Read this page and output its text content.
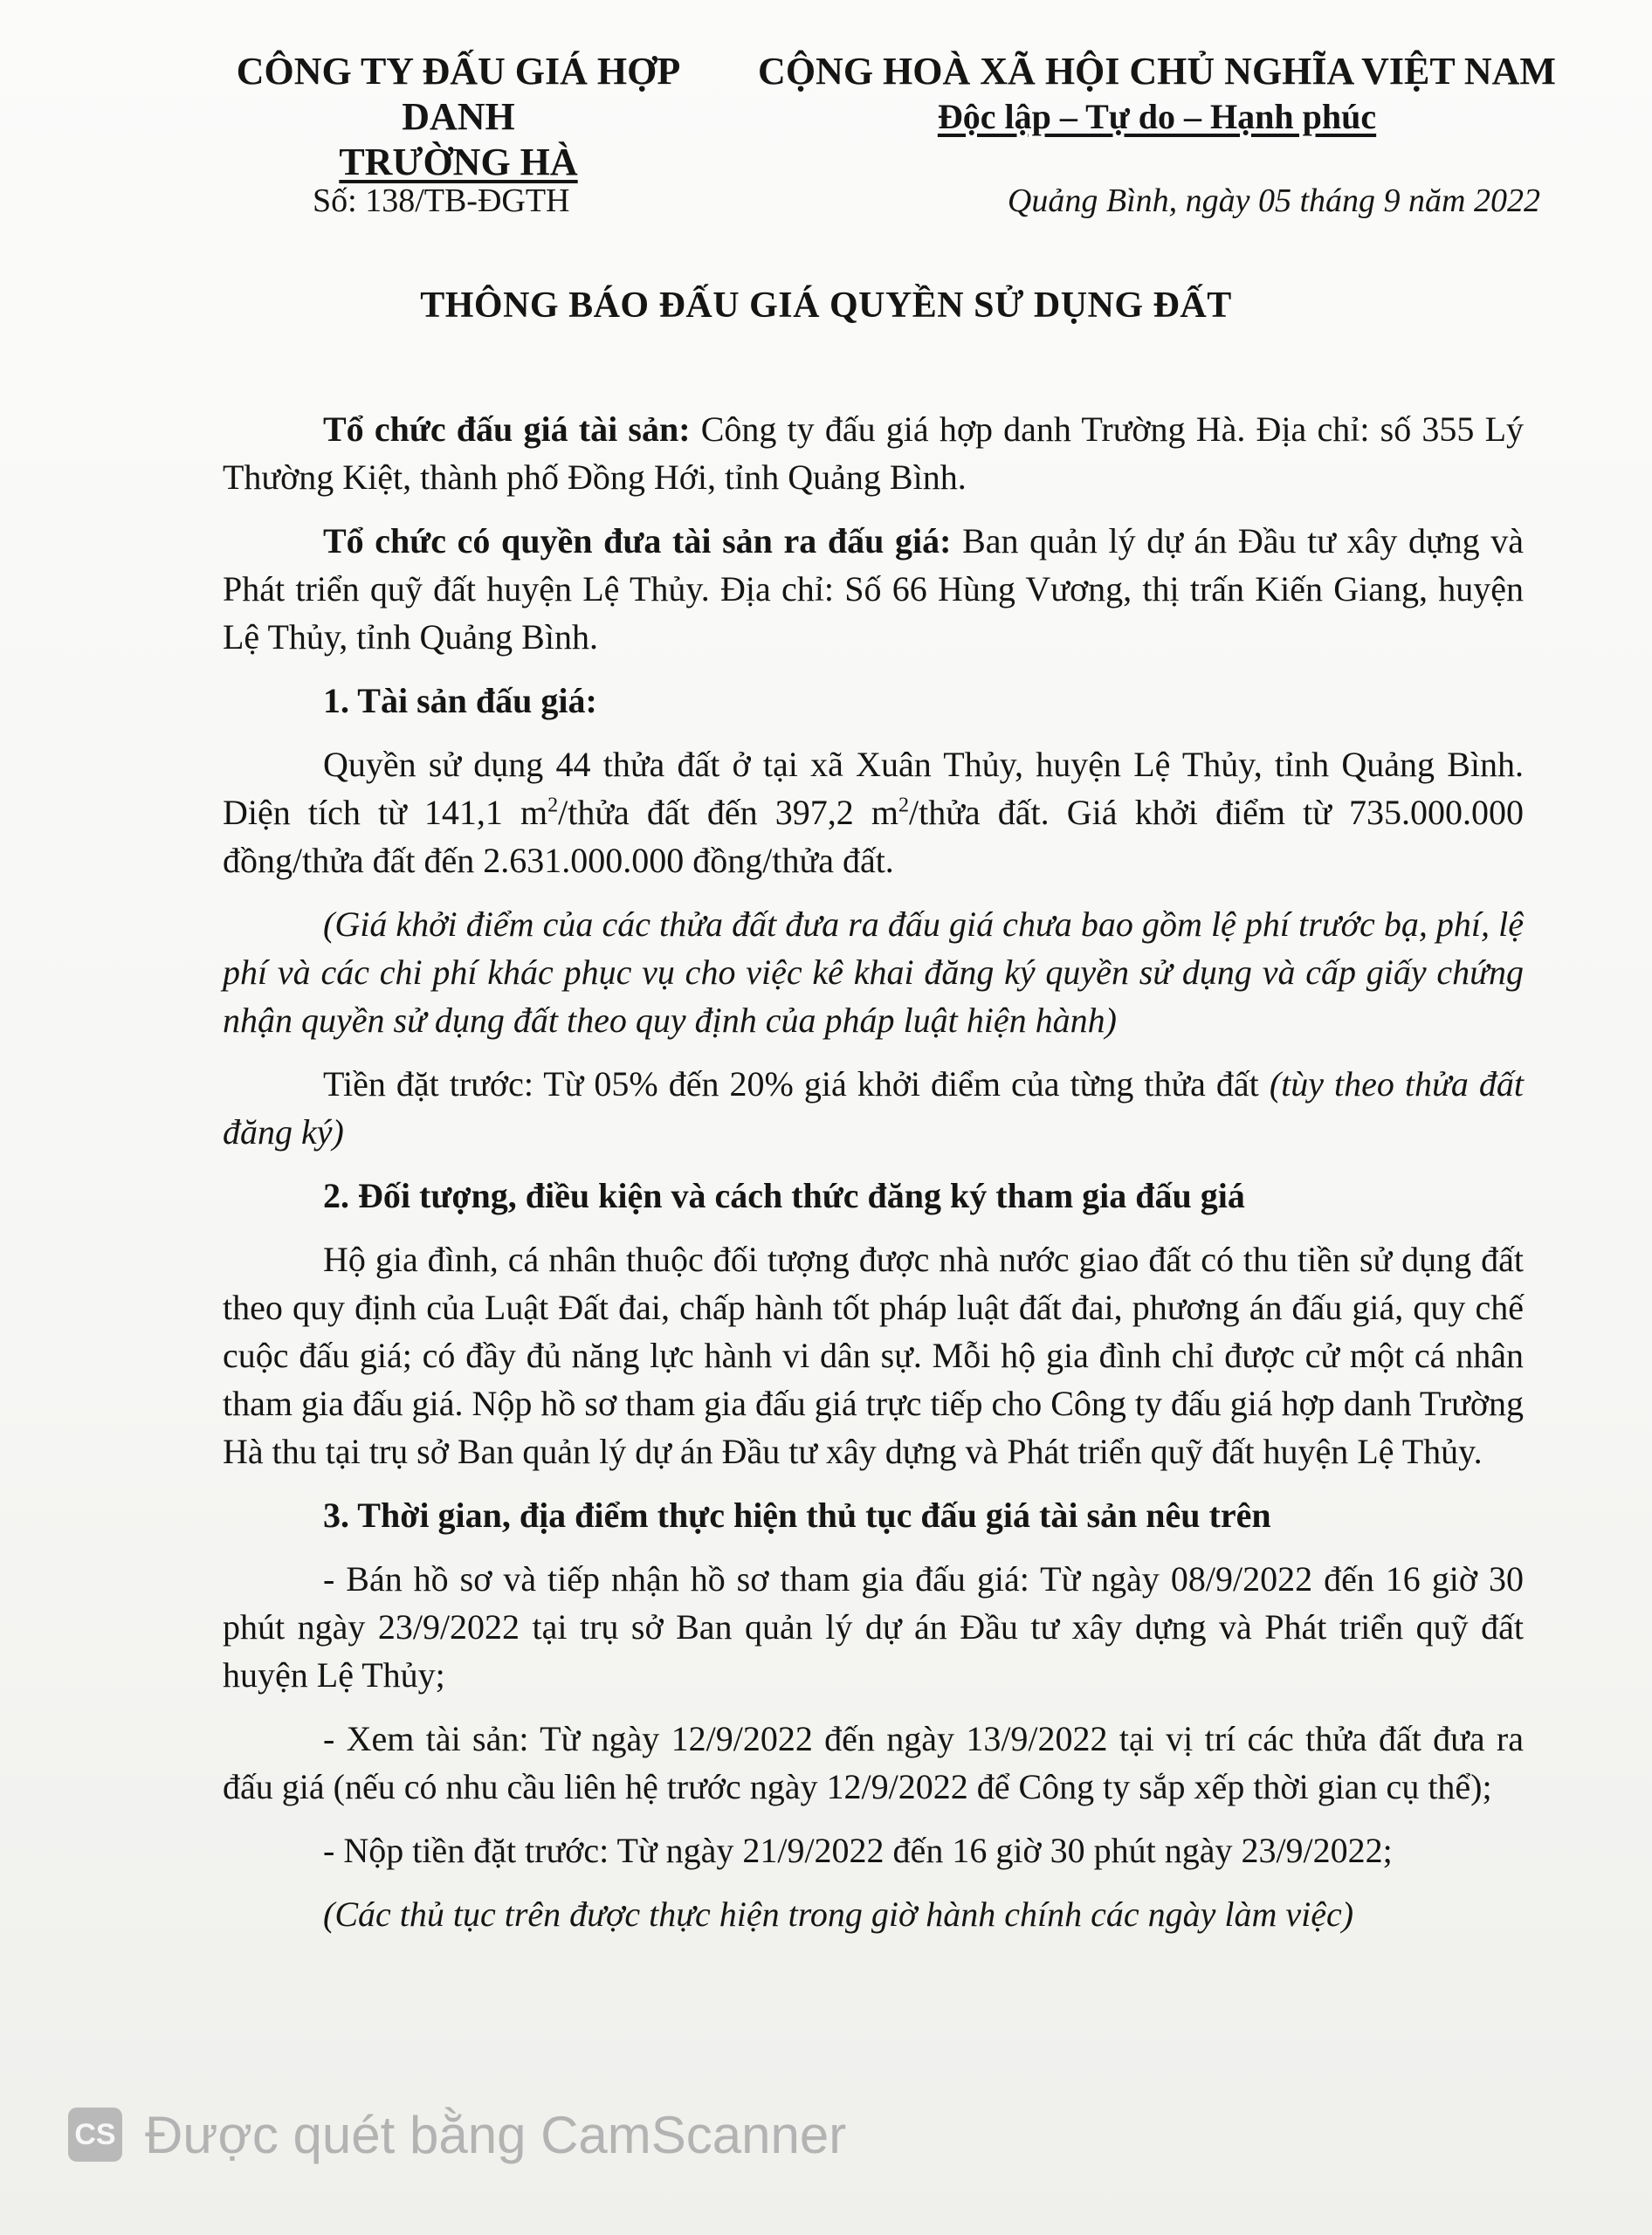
CÔNG TY ĐẤU GIÁ HỢP DANH
TRƯỜNG HÀ
CỘNG HOÀ XÃ HỘI CHỦ NGHĨA VIỆT NAM
Độc lập – Tự do – Hạnh phúc
Số: 138/TB-ĐGTH	Quảng Bình, ngày 05 tháng 9 năm 2022
THÔNG BÁO ĐẤU GIÁ QUYỀN SỬ DỤNG ĐẤT

Tổ chức đấu giá tài sản: Công ty đấu giá hợp danh Trường Hà. Địa chỉ: số 355 Lý Thường Kiệt, thành phố Đồng Hới, tỉnh Quảng Bình.

Tổ chức có quyền đưa tài sản ra đấu giá: Ban quản lý dự án Đầu tư xây dựng và Phát triển quỹ đất huyện Lệ Thủy. Địa chỉ: Số 66 Hùng Vương, thị trấn Kiến Giang, huyện Lệ Thủy, tỉnh Quảng Bình.

1. Tài sản đấu giá:

Quyền sử dụng 44 thửa đất ở tại xã Xuân Thủy, huyện Lệ Thủy, tỉnh Quảng Bình. Diện tích từ 141,1 $m^2$/thửa đất đến 397,2 $m^2$/thửa đất. Giá khởi điểm từ 735.000.000 đồng/thửa đất đến 2.631.000.000 đồng/thửa đất.

(Giá khởi điểm của các thửa đất đưa ra đấu giá chưa bao gồm lệ phí trước bạ, phí, lệ phí và các chi phí khác phục vụ cho việc kê khai đăng ký quyền sử dụng và cấp giấy chứng nhận quyền sử dụng đất theo quy định của pháp luật hiện hành)

Tiền đặt trước: Từ 05% đến 20% giá khởi điểm của từng thửa đất (tùy theo thửa đất đăng ký)

2. Đối tượng, điều kiện và cách thức đăng ký tham gia đấu giá

Hộ gia đình, cá nhân thuộc đối tượng được nhà nước giao đất có thu tiền sử dụng đất theo quy định của Luật Đất đai, chấp hành tốt pháp luật đất đai, phương án đấu giá, quy chế cuộc đấu giá; có đầy đủ năng lực hành vi dân sự. Mỗi hộ gia đình chỉ được cử một cá nhân tham gia đấu giá. Nộp hồ sơ tham gia đấu giá trực tiếp cho Công ty đấu giá hợp danh Trường Hà thu tại trụ sở Ban quản lý dự án Đầu tư xây dựng và Phát triển quỹ đất huyện Lệ Thủy.

3. Thời gian, địa điểm thực hiện thủ tục đấu giá tài sản nêu trên

- Bán hồ sơ và tiếp nhận hồ sơ tham gia đấu giá: Từ ngày 08/9/2022 đến 16 giờ 30 phút ngày 23/9/2022 tại trụ sở Ban quản lý dự án Đầu tư xây dựng và Phát triển quỹ đất huyện Lệ Thủy;

- Xem tài sản: Từ ngày 12/9/2022 đến ngày 13/9/2022 tại vị trí các thửa đất đưa ra đấu giá (nếu có nhu cầu liên hệ trước ngày 12/9/2022 để Công ty sắp xếp thời gian cụ thể);

- Nộp tiền đặt trước: Từ ngày 21/9/2022 đến 16 giờ 30 phút ngày 23/9/2022;

(Các thủ tục trên được thực hiện trong giờ hành chính các ngày làm việc)

CS Được quét bằng CamScanner
